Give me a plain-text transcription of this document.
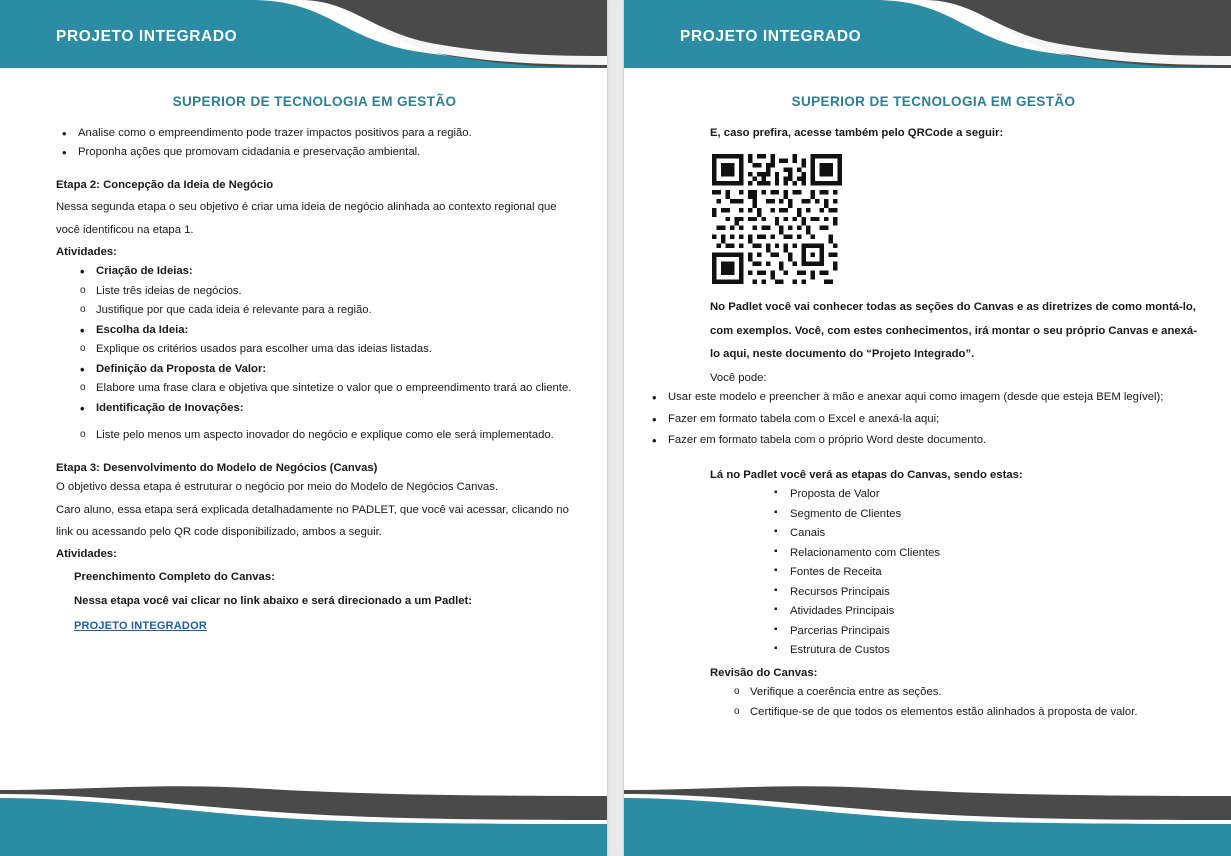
PROJETO INTEGRADO
SUPERIOR DE TECNOLOGIA EM GESTÃO
• Analise como o empreendimento pode trazer impactos positivos para a região.
• Proponha ações que promovam cidadania e preservação ambiental.

Etapa 2: Concepção da Ideia de Negócio

Nessa segunda etapa o seu objetivo é criar uma ideia de negócio alinhada ao contexto regional que você identificou na etapa 1.

Atividades:

• Criação de Ideias:
o Liste três ideias de negócios.
o Justifique por que cada ideia é relevante para a região.
• Escolha da Ideia:
o Explique os critérios usados para escolher uma das ideias listadas.
• Definição da Proposta de Valor:
o Elabore uma frase clara e objetiva que sintetize o valor que o empreendimento trará ao cliente.
• Identificação de Inovações:
o Liste pelo menos um aspecto inovador do negócio e explique como ele será implementado.

Etapa 3: Desenvolvimento do Modelo de Negócios (Canvas)

O objetivo dessa etapa é estruturar o negócio por meio do Modelo de Negócios Canvas.

Caro aluno, essa etapa será explicada detalhadamente no PADLET, que você vai acessar, clicando no link ou acessando pelo QR code disponibilizado, ambos a seguir.

Atividades:

Preenchimento Completo do Canvas:

Nessa etapa você vai clicar no link abaixo e será direcionado a um Padlet:

PROJETO INTEGRADOR

PROJETO INTEGRADO
SUPERIOR DE TECNOLOGIA EM GESTÃO

E, caso prefira, acesse também pelo QRCode a seguir:

No Padlet você vai conhecer todas as seções do Canvas e as diretrizes de como montá-lo, com exemplos. Você, com estes conhecimentos, irá montar o seu próprio Canvas e anexá-lo aqui, neste documento do “Projeto Integrado”.

Você pode:

• Usar este modelo e preencher à mão e anexar aqui como imagem (desde que esteja BEM legível);
• Fazer em formato tabela com o Excel e anexá-la aqui;
• Fazer em formato tabela com o próprio Word deste documento.

Lá no Padlet você verá as etapas do Canvas, sendo estas:

▪ Proposta de Valor
▪ Segmento de Clientes
▪ Canais
▪ Relacionamento com Clientes
▪ Fontes de Receita
▪ Recursos Principais
▪ Atividades Principais
▪ Parcerias Principais
▪ Estrutura de Custos

Revisão do Canvas:

o Verifique a coerência entre as seções.
o Certifique-se de que todos os elementos estão alinhados à proposta de valor.
